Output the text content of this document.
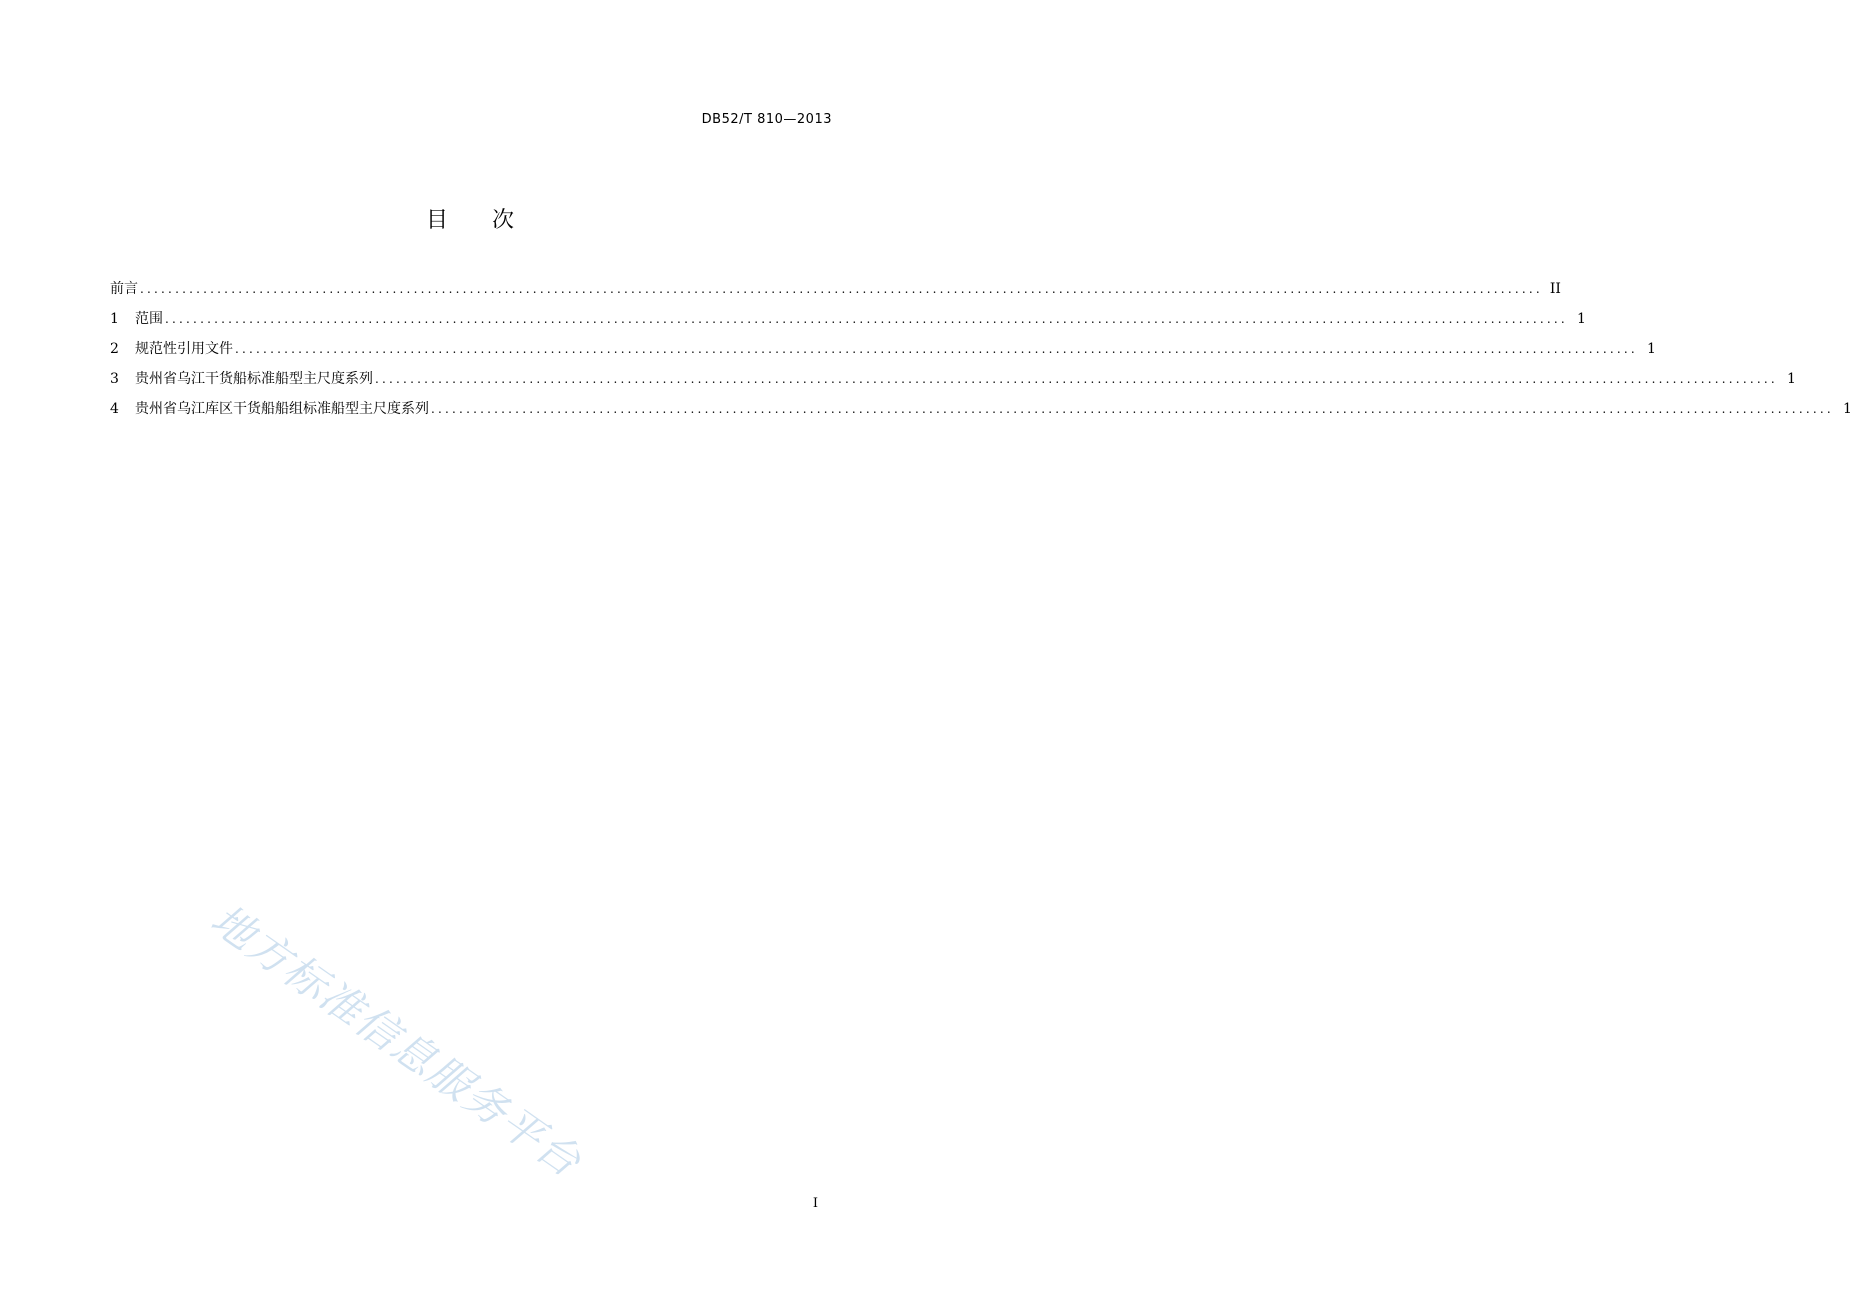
DB52/T 810—2013
目 次
前言 ........................................................................................................................................................................................................ II
1	范围 ........................................................................................................................................................................................................ 1
2	规范性引用文件 ........................................................................................................................................................................................................ 1
3	贵州省乌江干货船标准船型主尺度系列 ........................................................................................................................................................................................................ 1
4	贵州省乌江库区干货船船组标准船型主尺度系列 ........................................................................................................................................................................................................ 1
地方标准信息服务平台
I
